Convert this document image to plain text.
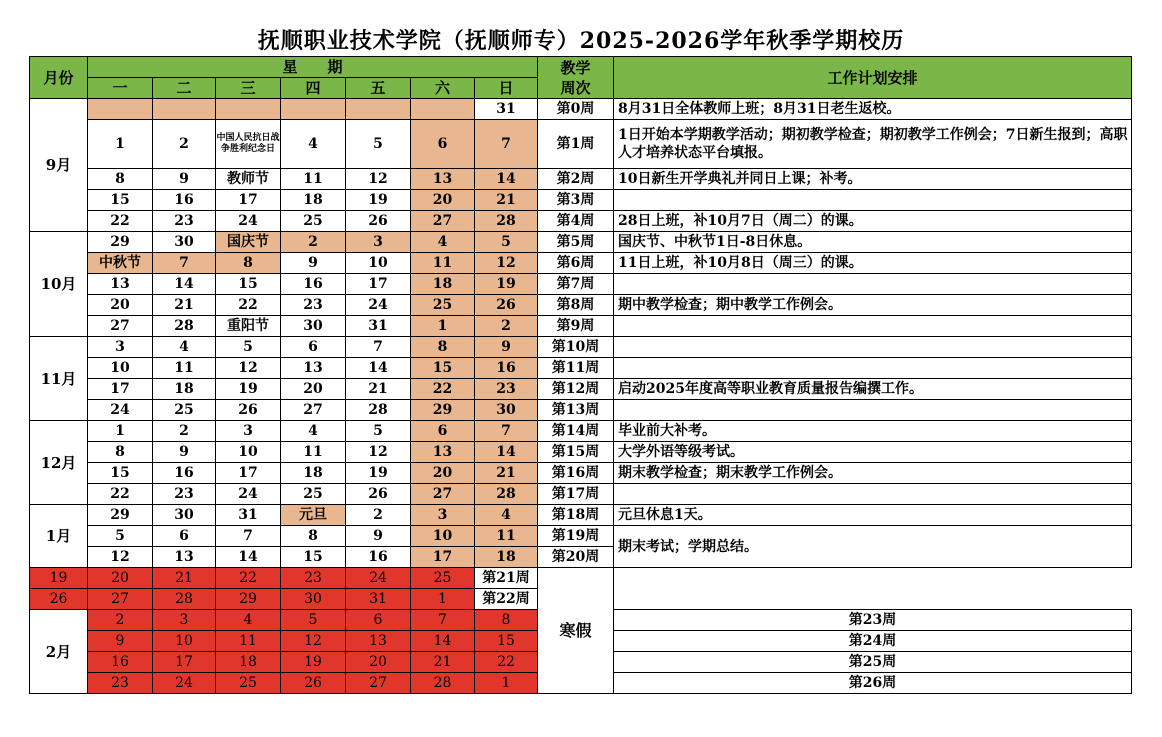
抚顺职业技术学院（抚顺师专）2025-2026学年秋季学期校历
月份	星　　期							教学
周次	工作计划安排
	一	二	三	四	五	六	日		
9月							31	第0周	8月31日全体教师上班；8月31日老生返校。
	1	2	中国人民抗日战争胜利纪念日	4	5	6	7	第1周	1日开始本学期教学活动；期初教学检查；期初教学工作例会；7日新生报到；高职人才培养状态平台填报。
	8	9	教师节	11	12	13	14	第2周	10日新生开学典礼并同日上课；补考。
	15	16	17	18	19	20	21	第3周	
	22	23	24	25	26	27	28	第4周	28日上班，补10月7日（周二）的课。
10月	29	30	国庆节	2	3	4	5	第5周	国庆节、中秋节1日-8日休息。
	中秋节	7	8	9	10	11	12	第6周	11日上班，补10月8日（周三）的课。
	13	14	15	16	17	18	19	第7周	
	20	21	22	23	24	25	26	第8周	期中教学检查；期中教学工作例会。
	27	28	重阳节	30	31	1	2	第9周	
11月	3	4	5	6	7	8	9	第10周	
	10	11	12	13	14	15	16	第11周	
	17	18	19	20	21	22	23	第12周	启动2025年度高等职业教育质量报告编撰工作。
	24	25	26	27	28	29	30	第13周	
12月	1	2	3	4	5	6	7	第14周	毕业前大补考。
	8	9	10	11	12	13	14	第15周	大学外语等级考试。
	15	16	17	18	19	20	21	第16周	期末教学检查；期末教学工作例会。
	22	23	24	25	26	27	28	第17周	
1月	29	30	31	元旦	2	3	4	第18周	元旦休息1天。
	5	6	7	8	9	10	11	第19周	期末考试；学期总结。
	12	13	14	15	16	17	18	第20周	
19	20	21	22	23	24	25	第21周	寒假	
26	27	28	29	30	31	1	第22周		
2月	2	3	4	5	6	7	8		第23周
	9	10	11	12	13	14	15		第24周
	16	17	18	19	20	21	22		第25周
	23	24	25	26	27	28	1		第26周
